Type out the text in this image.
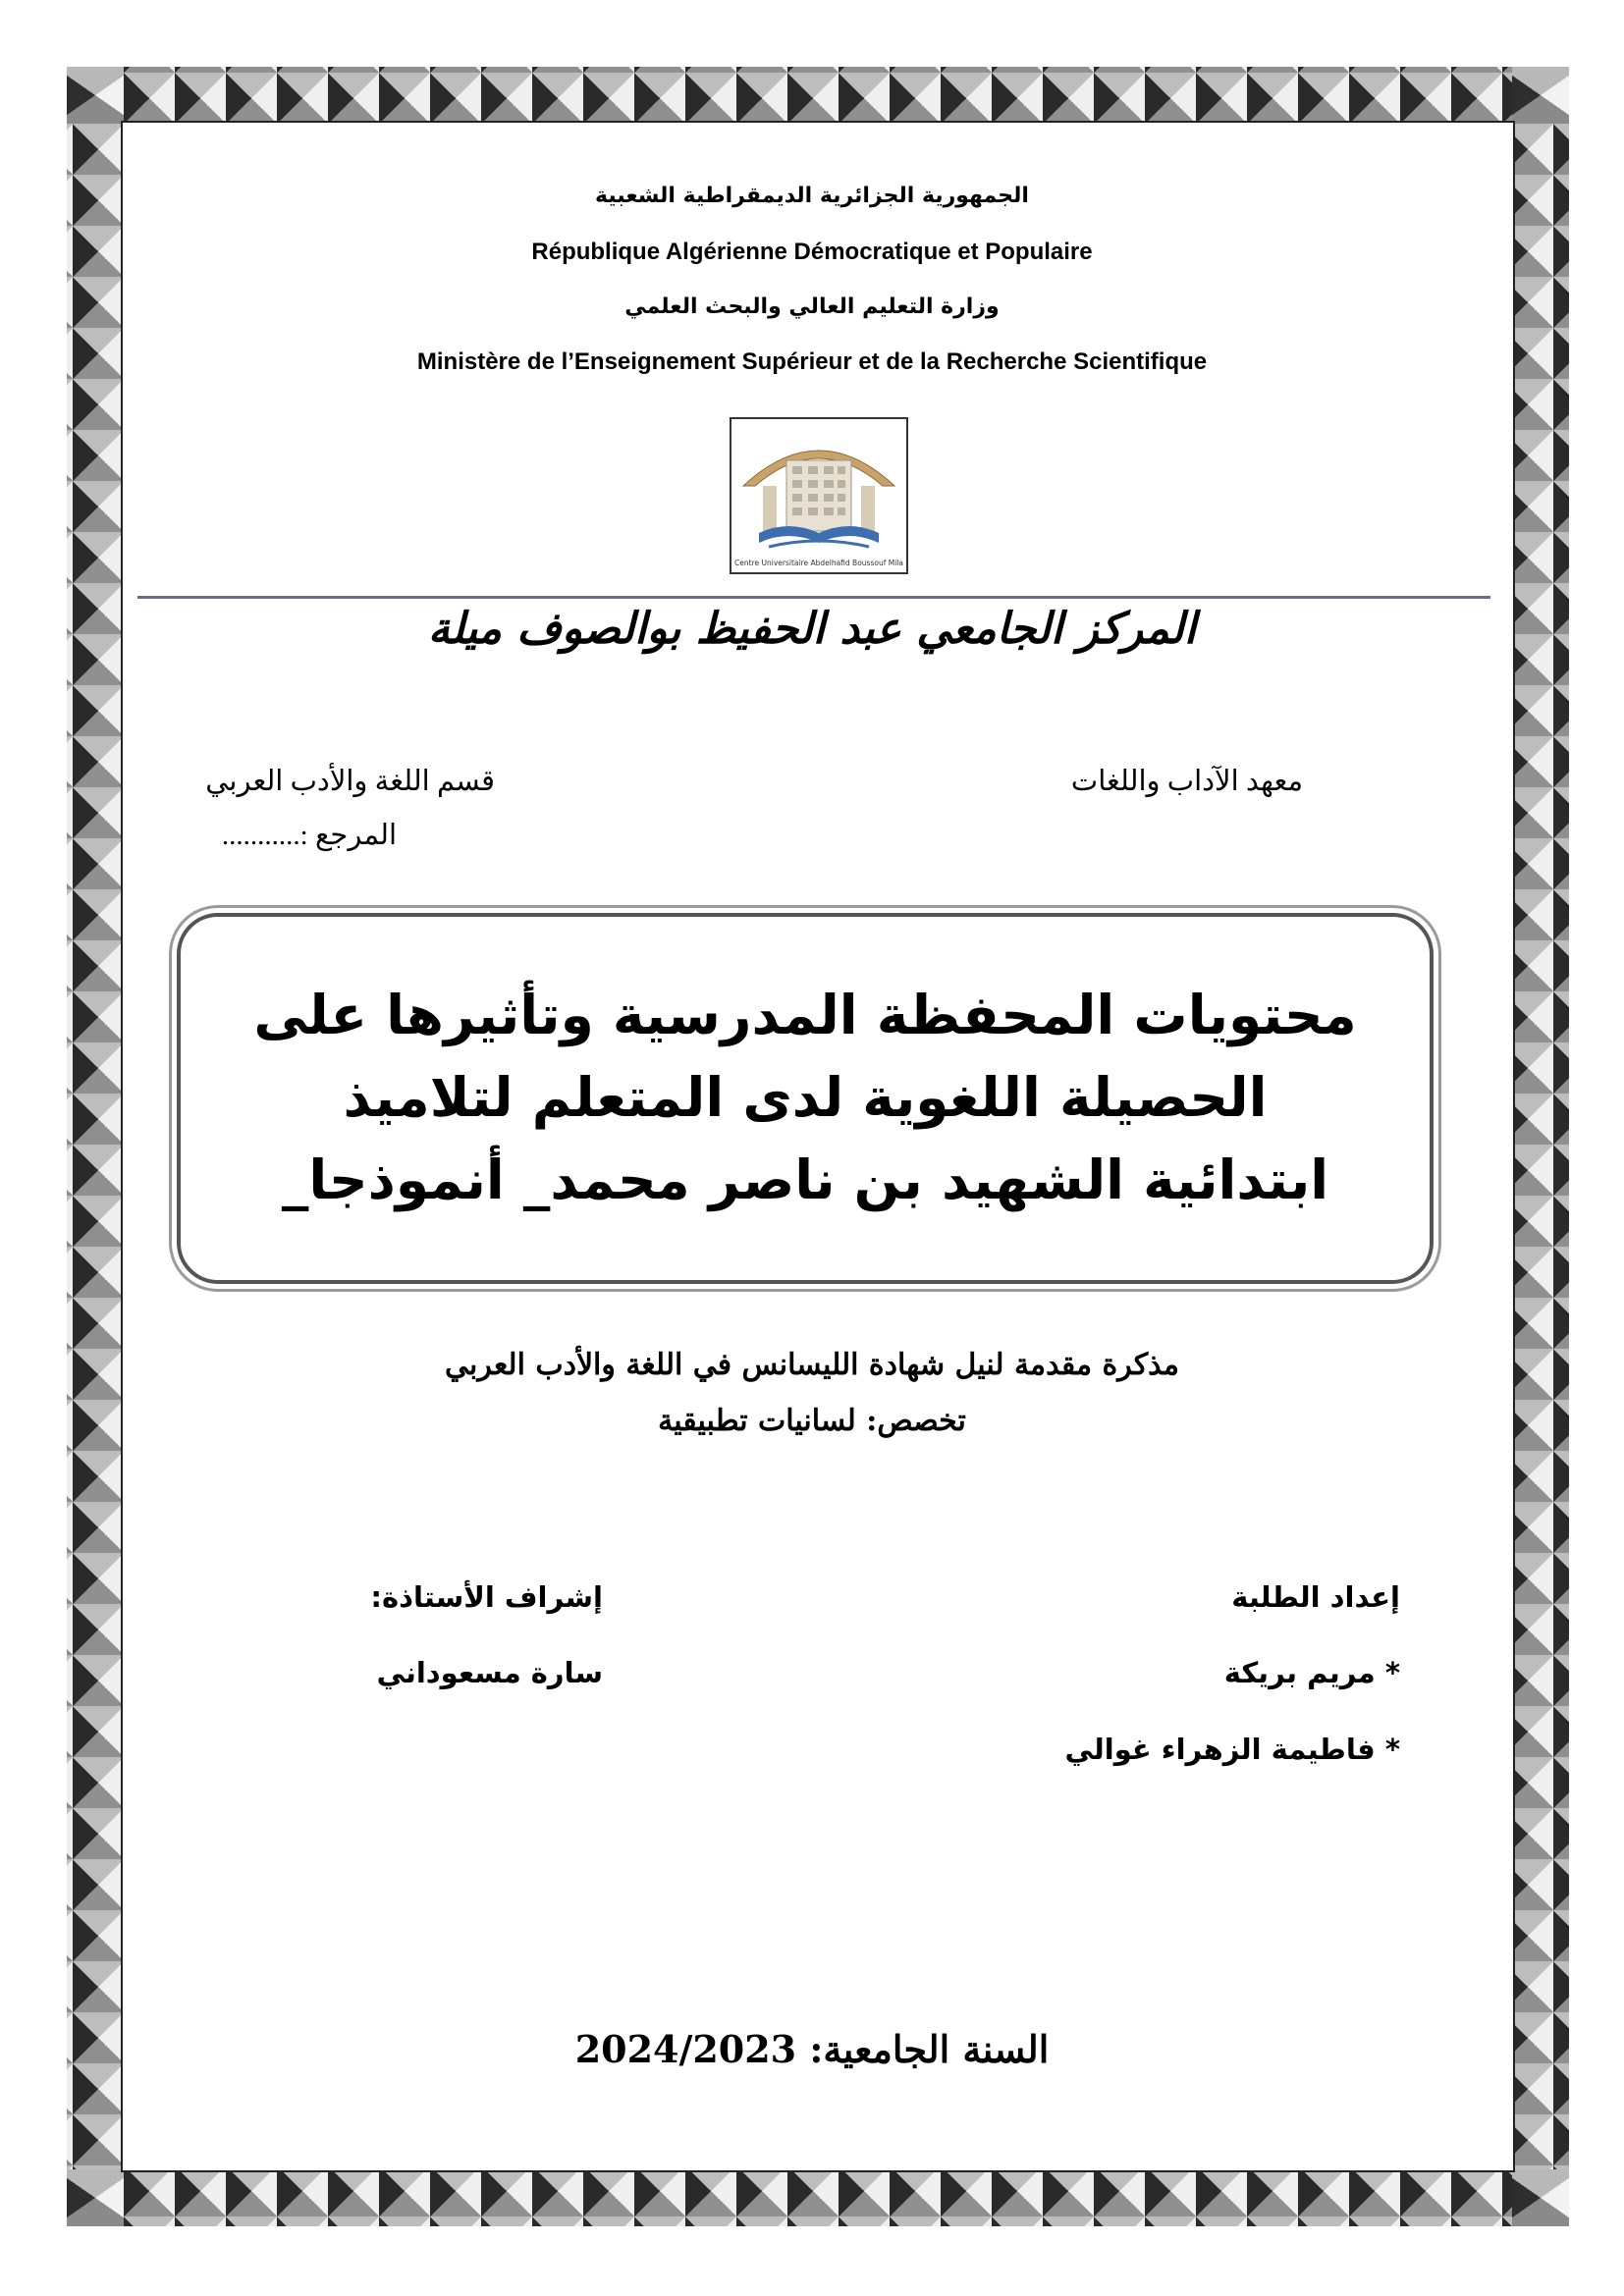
الجمهورية الجزائرية الديمقراطية الشعبية
République Algérienne Démocratique et Populaire
وزارة التعليم العالي والبحث العلمي
Ministère de l’Enseignement Supérieur et de la Recherche Scientifique
Centre Universitaire Abdelhafid Boussouf Mila
المركز الجامعي عبد الحفيظ بوالصوف ميلة
معهد الآداب واللغات
قسم اللغة والأدب العربي
المرجع :...........
محتويات المحفظة المدرسية وتأثيرها على
الحصيلة اللغوية لدى المتعلم لتلاميذ
ابتدائية الشهيد بن ناصر محمد_ أنموذجا_
مذكرة مقدمة لنيل شهادة الليسانس في اللغة والأدب العربي
تخصص: لسانيات تطبيقية
إعداد الطلبة
* مريم بريكة
* فاطيمة الزهراء غوالي
إشراف الأستاذة:
سارة مسعوداني
السنة الجامعية: 2024/2023
